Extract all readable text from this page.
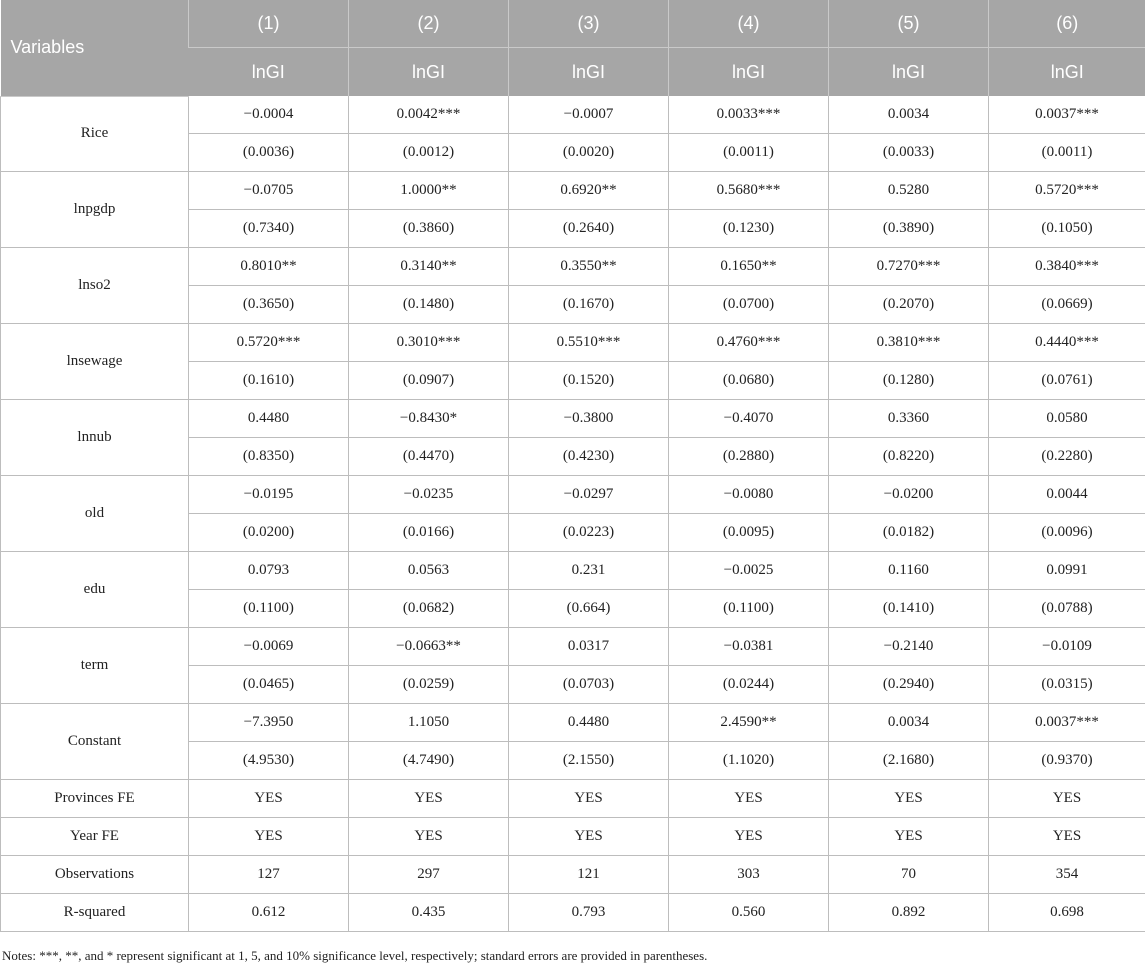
Variables	(1)	(2)	(3)	(4)	(5)	(6)
	lnGI	lnGI	lnGI	lnGI	lnGI	lnGI
Rice	−0.0004	0.0042***	−0.0007	0.0033***	0.0034	0.0037***
	(0.0036)	(0.0012)	(0.0020)	(0.0011)	(0.0033)	(0.0011)
lnpgdp	−0.0705	1.0000**	0.6920**	0.5680***	0.5280	0.5720***
	(0.7340)	(0.3860)	(0.2640)	(0.1230)	(0.3890)	(0.1050)
lnso2	0.8010**	0.3140**	0.3550**	0.1650**	0.7270***	0.3840***
	(0.3650)	(0.1480)	(0.1670)	(0.0700)	(0.2070)	(0.0669)
lnsewage	0.5720***	0.3010***	0.5510***	0.4760***	0.3810***	0.4440***
	(0.1610)	(0.0907)	(0.1520)	(0.0680)	(0.1280)	(0.0761)
lnnub	0.4480	−0.8430*	−0.3800	−0.4070	0.3360	0.0580
	(0.8350)	(0.4470)	(0.4230)	(0.2880)	(0.8220)	(0.2280)
old	−0.0195	−0.0235	−0.0297	−0.0080	−0.0200	0.0044
	(0.0200)	(0.0166)	(0.0223)	(0.0095)	(0.0182)	(0.0096)
edu	0.0793	0.0563	0.231	−0.0025	0.1160	0.0991
	(0.1100)	(0.0682)	(0.664)	(0.1100)	(0.1410)	(0.0788)
term	−0.0069	−0.0663**	0.0317	−0.0381	−0.2140	−0.0109
	(0.0465)	(0.0259)	(0.0703)	(0.0244)	(0.2940)	(0.0315)
Constant	−7.3950	1.1050	0.4480	2.4590**	0.0034	0.0037***
	(4.9530)	(4.7490)	(2.1550)	(1.1020)	(2.1680)	(0.9370)
Provinces FE	YES	YES	YES	YES	YES	YES
Year FE	YES	YES	YES	YES	YES	YES
Observations	127	297	121	303	70	354
R-squared	0.612	0.435	0.793	0.560	0.892	0.698
Notes: ***, **, and * represent significant at 1, 5, and 10% significance level, respectively; standard errors are provided in parentheses.
